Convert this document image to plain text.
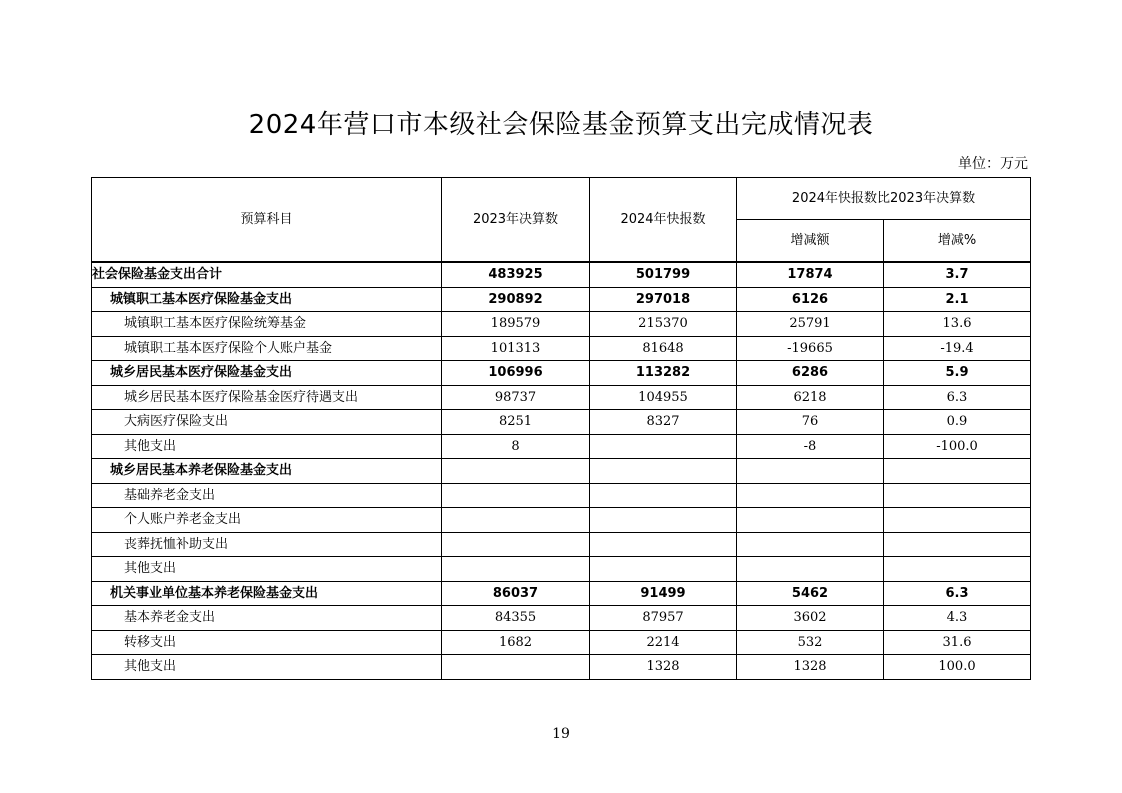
2024年营口市本级社会保险基金预算支出完成情况表
单位：万元
预算科目	2023年决算数	2024年快报数	2024年快报数比2023年决算数	
			增减额	增减%
社会保险基金支出合计	483925	501799	17874	3.7
城镇职工基本医疗保险基金支出	290892	297018	6126	2.1
城镇职工基本医疗保险统筹基金	189579	215370	25791	13.6
城镇职工基本医疗保险个人账户基金	101313	81648	-19665	-19.4
城乡居民基本医疗保险基金支出	106996	113282	6286	5.9
城乡居民基本医疗保险基金医疗待遇支出	98737	104955	6218	6.3
大病医疗保险支出	8251	8327	76	0.9
其他支出	8		-8	-100.0
城乡居民基本养老保险基金支出				
基础养老金支出				
个人账户养老金支出				
丧葬抚恤补助支出				
其他支出				
机关事业单位基本养老保险基金支出	86037	91499	5462	6.3
基本养老金支出	84355	87957	3602	4.3
转移支出	1682	2214	532	31.6
其他支出		1328	1328	100.0
19
